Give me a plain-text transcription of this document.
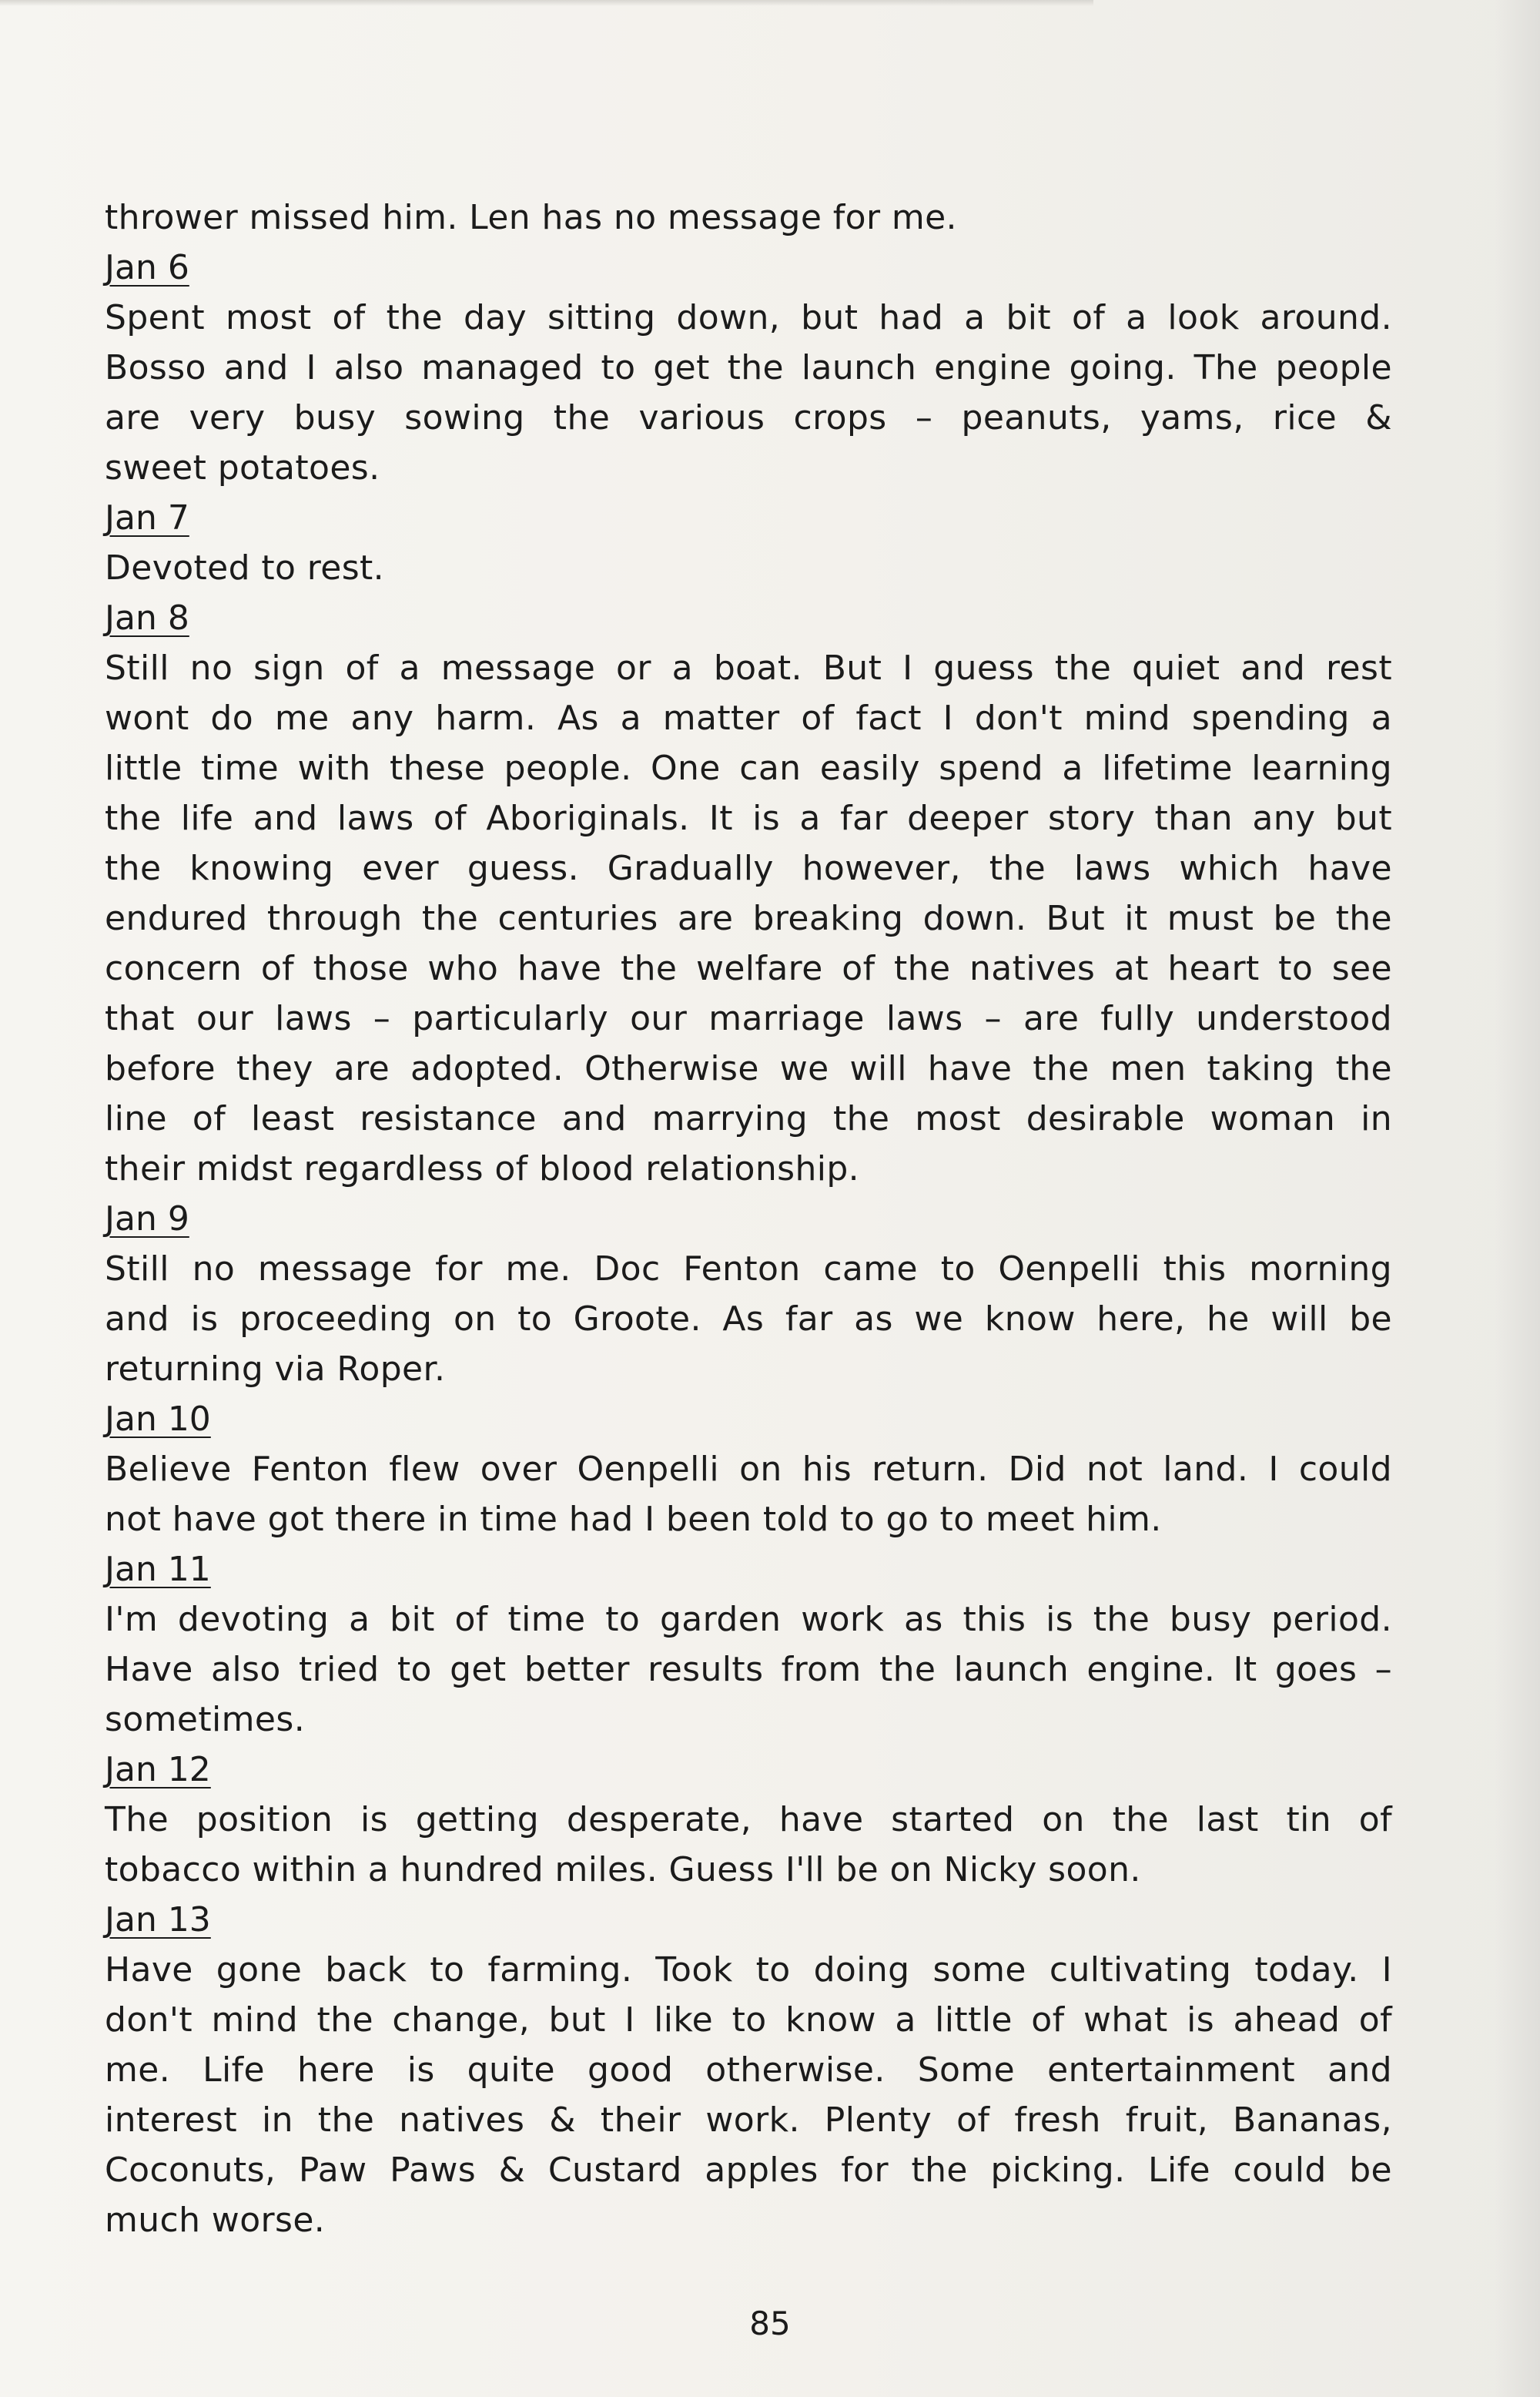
thrower missed him. Len has no message for me.
Jan 6
Spent most of the day sitting down, but had a bit of a look around.
Bosso and I also managed to get the launch engine going. The people
are very busy sowing the various crops – peanuts, yams, rice &
sweet potatoes.
Jan 7
Devoted to rest.
Jan 8
Still no sign of a message or a boat. But I guess the quiet and rest
wont do me any harm. As a matter of fact I don't mind spending a
little time with these people. One can easily spend a lifetime learning
the life and laws of Aboriginals. It is a far deeper story than any but
the knowing ever guess. Gradually however, the laws which have
endured through the centuries are breaking down. But it must be the
concern of those who have the welfare of the natives at heart to see
that our laws – particularly our marriage laws – are fully understood
before they are adopted. Otherwise we will have the men taking the
line of least resistance and marrying the most desirable woman in
their midst regardless of blood relationship.
Jan 9
Still no message for me. Doc Fenton came to Oenpelli this morning
and is proceeding on to Groote. As far as we know here, he will be
returning via Roper.
Jan 10
Believe Fenton flew over Oenpelli on his return. Did not land. I could
not have got there in time had I been told to go to meet him.
Jan 11
I'm devoting a bit of time to garden work as this is the busy period.
Have also tried to get better results from the launch engine. It goes –
sometimes.
Jan 12
The position is getting desperate, have started on the last tin of
tobacco within a hundred miles. Guess I'll be on Nicky soon.
Jan 13
Have gone back to farming. Took to doing some cultivating today. I
don't mind the change, but I like to know a little of what is ahead of
me. Life here is quite good otherwise. Some entertainment and
interest in the natives & their work. Plenty of fresh fruit, Bananas,
Coconuts, Paw Paws & Custard apples for the picking. Life could be
much worse.
85
